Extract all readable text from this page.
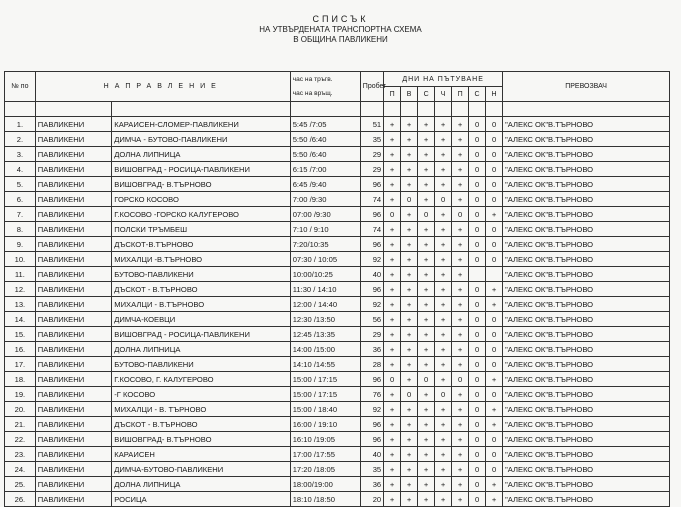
СПИСЪК
НА УТВЪРДЕНАТА ТРАНСПОРТНА СХЕМА
В ОБЩИНА ПАВЛИКЕНИ
№ по	НАПРАВЛЕНИЕ		час на тръгв.
час на връщ.	Пробег	ДНИ НА ПЪТУВАНЕ							ПРЕВОЗВАЧ
					П	В	С	Ч	П	С	Н	

1.	ПАВЛИКЕНИ	КАРАИСЕН-СЛОМЕР-ПАВЛИКЕНИ	5:45 /7:05	51	+	+	+	+	+	0	0	"АЛЕКС ОК"В.ТЪРНОВО
2.	ПАВЛИКЕНИ	ДИМЧА - БУТОВО-ПАВЛИКЕНИ	5:50 /6:40	35	+	+	+	+	+	0	0	"АЛЕКС ОК"В.ТЪРНОВО
3.	ПАВЛИКЕНИ	ДОЛНА ЛИПНИЦА	5:50 /6:40	29	+	+	+	+	+	0	0	"АЛЕКС ОК"В.ТЪРНОВО
4.	ПАВЛИКЕНИ	ВИШОВГРАД - РОСИЦА-ПАВЛИКЕНИ	6:15 /7:00	29	+	+	+	+	+	0	0	"АЛЕКС ОК"В.ТЪРНОВО
5.	ПАВЛИКЕНИ	ВИШОВГРАД- В.ТЪРНОВО	6:45 /9:40	96	+	+	+	+	+	0	0	"АЛЕКС ОК"В.ТЪРНОВО
6.	ПАВЛИКЕНИ	ГОРСКО КОСОВО	7:00 /9:30	74	+	0	+	0	+	0	0	"АЛЕКС ОК"В.ТЪРНОВО
7.	ПАВЛИКЕНИ	Г.КОСОВО -ГОРСКО КАЛУГЕРОВО	07:00 /9:30	96	0	+	0	+	0	0	+	"АЛЕКС ОК"В.ТЪРНОВО
8.	ПАВЛИКЕНИ	ПОЛСКИ ТРЪМБЕШ	7:10 / 9:10	74	+	+	+	+	+	0	0	"АЛЕКС ОК"В.ТЪРНОВО
9.	ПАВЛИКЕНИ	ДЪСКОТ-В.ТЪРНОВО	7:20/10:35	96	+	+	+	+	+	0	0	"АЛЕКС ОК"В.ТЪРНОВО
10.	ПАВЛИКЕНИ	МИХАЛЦИ -В.ТЪРНОВО	07:30 / 10:05	92	+	+	+	+	+	0	0	"АЛЕКС ОК"В.ТЪРНОВО
11.	ПАВЛИКЕНИ	БУТОВО-ПАВЛИКЕНИ	10:00/10:25	40	+	+	+	+	+			"АЛЕКС ОК"В.ТЪРНОВО
12.	ПАВЛИКЕНИ	ДЪСКОТ - В.ТЪРНОВО	11:30 / 14:10	96	+	+	+	+	+	0	+	"АЛЕКС ОК"В.ТЪРНОВО
13.	ПАВЛИКЕНИ	МИХАЛЦИ - В.ТЪРНОВО	12:00 / 14:40	92	+	+	+	+	+	0	+	"АЛЕКС ОК"В.ТЪРНОВО
14.	ПАВЛИКЕНИ	ДИМЧА-КОЕВЦИ	12:30 /13:50	56	+	+	+	+	+	0	0	"АЛЕКС ОК"В.ТЪРНОВО
15.	ПАВЛИКЕНИ	ВИШОВГРАД - РОСИЦА-ПАВЛИКЕНИ	12:45 /13:35	29	+	+	+	+	+	0	0	"АЛЕКС ОК"В.ТЪРНОВО
16.	ПАВЛИКЕНИ	ДОЛНА ЛИПНИЦА	14:00 /15:00	36	+	+	+	+	+	0	0	"АЛЕКС ОК"В.ТЪРНОВО
17.	ПАВЛИКЕНИ	БУТОВО-ПАВЛИКЕНИ	14:10 /14:55	28	+	+	+	+	+	0	0	"АЛЕКС ОК"В.ТЪРНОВО
18.	ПАВЛИКЕНИ	Г.КОСОВО, Г. КАЛУГЕРОВО	15:00 / 17:15	96	0	+	0	+	0	0	+	"АЛЕКС ОК"В.ТЪРНОВО
19.	ПАВЛИКЕНИ	-Г КОСОВО	15:00 / 17:15	76	+	0	+	0	+	0	0	"АЛЕКС ОК"В.ТЪРНОВО
20.	ПАВЛИКЕНИ	МИХАЛЦИ - В. ТЪРНОВО	15:00 / 18:40	92	+	+	+	+	+	0	+	"АЛЕКС ОК"В.ТЪРНОВО
21.	ПАВЛИКЕНИ	ДЪСКОТ - В.ТЪРНОВО	16:00 / 19:10	96	+	+	+	+	+	0	+	"АЛЕКС ОК"В.ТЪРНОВО
22.	ПАВЛИКЕНИ	ВИШОВГРАД- В.ТЪРНОВО	16:10 /19:05	96	+	+	+	+	+	0	0	"АЛЕКС ОК"В.ТЪРНОВО
23.	ПАВЛИКЕНИ	КАРАИСЕН	17:00 /17:55	40	+	+	+	+	+	0	0	"АЛЕКС ОК"В.ТЪРНОВО
24.	ПАВЛИКЕНИ	ДИМЧА-БУТОВО-ПАВЛИКЕНИ	17:20 /18:05	35	+	+	+	+	+	0	0	"АЛЕКС ОК"В.ТЪРНОВО
25.	ПАВЛИКЕНИ	ДОЛНА ЛИПНИЦА	18:00/19:00	36	+	+	+	+	+	0	+	"АЛЕКС ОК"В.ТЪРНОВО
26.	ПАВЛИКЕНИ	РОСИЦА	18:10 /18:50	20	+	+	+	+	+	0	+	"АЛЕКС ОК"В.ТЪРНОВО
